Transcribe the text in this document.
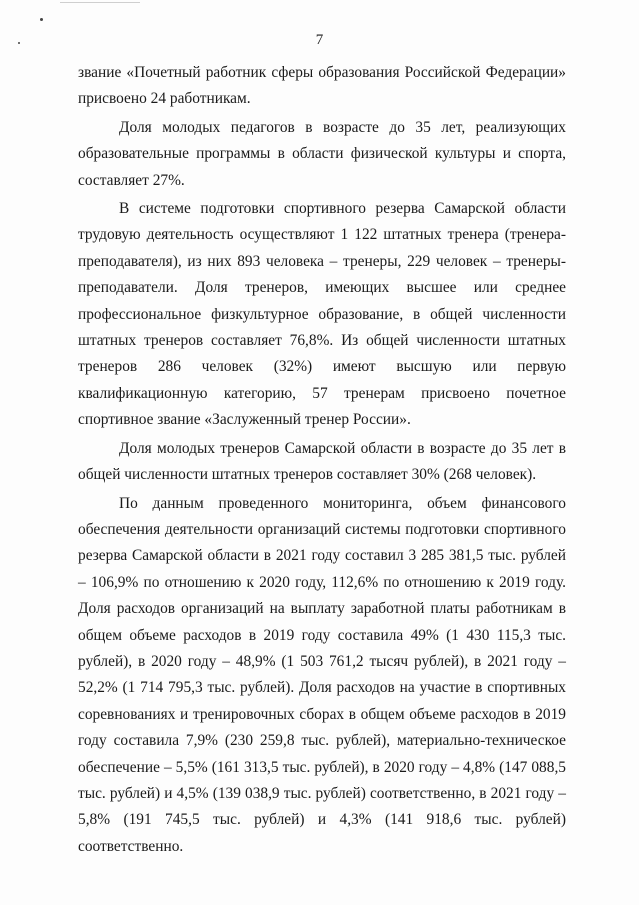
7

звание «Почетный работник сферы образования Российской Федерации» присвоено 24 работникам.

Доля молодых педагогов в возрасте до 35 лет, реализующих образовательные программы в области физической культуры и спорта, составляет 27%.

В системе подготовки спортивного резерва Самарской области трудовую деятельность осуществляют 1 122 штатных тренера (тренера-преподавателя), из них 893 человека – тренеры, 229 человек – тренеры-преподаватели. Доля тренеров, имеющих высшее или среднее профессиональное физкультурное образование, в общей численности штатных тренеров составляет 76,8%. Из общей численности штатных тренеров 286 человек (32%) имеют высшую или первую квалификационную категорию, 57 тренерам присвоено почетное спортивное звание «Заслуженный тренер России».

Доля молодых тренеров Самарской области в возрасте до 35 лет в общей численности штатных тренеров составляет 30% (268 человек).

По данным проведенного мониторинга, объем финансового обеспечения деятельности организаций системы подготовки спортивного резерва Самарской области в 2021 году составил 3 285 381,5 тыс. рублей – 106,9% по отношению к 2020 году, 112,6% по отношению к 2019 году. Доля расходов организаций на выплату заработной платы работникам в общем объеме расходов в 2019 году составила 49% (1 430 115,3 тыс. рублей), в 2020 году – 48,9% (1 503 761,2 тысяч рублей), в 2021 году – 52,2% (1 714 795,3 тыс. рублей). Доля расходов на участие в спортивных соревнованиях и тренировочных сборах в общем объеме расходов в 2019 году составила 7,9% (230 259,8 тыс. рублей), материально-техническое обеспечение – 5,5% (161 313,5 тыс. рублей), в 2020 году – 4,8% (147 088,5 тыс. рублей) и 4,5% (139 038,9 тыс. рублей) соответственно, в 2021 году – 5,8% (191 745,5 тыс. рублей) и 4,3% (141 918,6 тыс. рублей) соответственно.
